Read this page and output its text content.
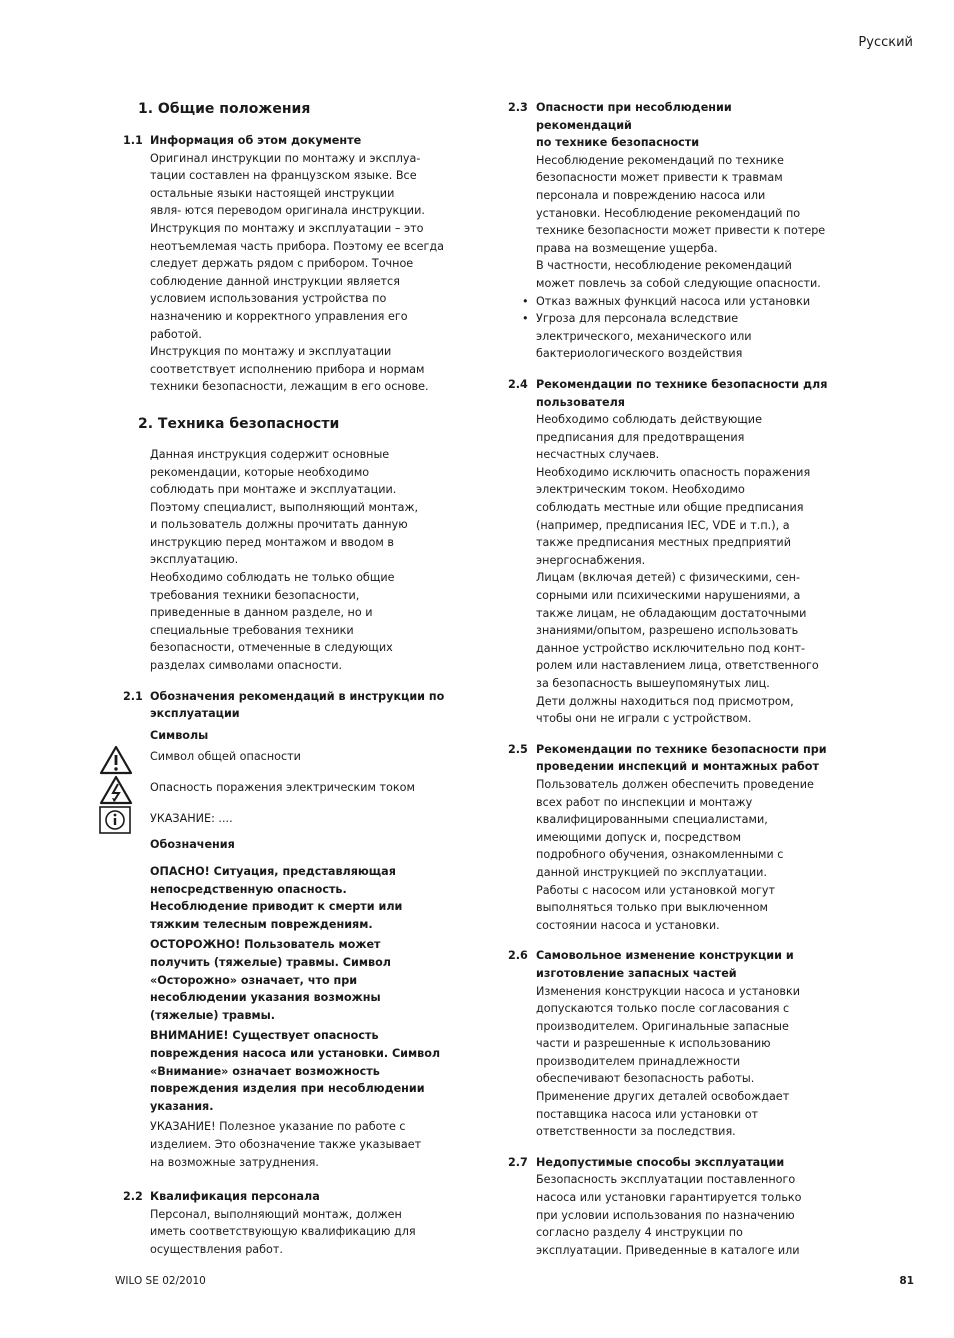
Русский
1. Общие положения
1.1 Информация об этом документе
Оригинал инструкции по монтажу и эксплуа-
тации составлен на французском языке. Все
остальные языки настоящей инструкции
явля- ются переводом оригинала инструкции.
Инструкция по монтажу и эксплуатации – это
неотъемлемая часть прибора. Поэтому ее всегда
следует держать рядом с прибором. Точное
соблюдение данной инструкции является
условием использования устройства по
назначению и корректного управления его работой.
Инструкция по монтажу и эксплуатации
соответствует исполнению прибора и нормам
техники безопасности, лежащим в его основе.
2. Техника безопасности
Данная инструкция содержит основные
рекомендации, которые необходимо
соблюдать при монтаже и эксплуатации.
Поэтому специалист, выполняющий монтаж,
и пользователь должны прочитать данную
инструкцию перед монтажом и вводом в
эксплуатацию.
Необходимо соблюдать не только общие
требования техники безопасности,
приведенные в данном разделе, но и
специальные требования техники
безопасности, отмеченные в следующих
разделах символами опасности.
2.1 Обозначения рекомендаций в инструкции по
эксплуатации
Символы
Символ общей опасности
Опасность поражения электрическим током
УКАЗАНИЕ: ....
Обозначения
ОПАСНО! Ситуация, представляющая
непосредственную опасность.
Несоблюдение приводит к смерти или
тяжким телесным повреждениям.
ОСТОРОЖНО! Пользователь может
получить (тяжелые) травмы. Символ
«Осторожно» означает, что при
несоблюдении указания возможны
(тяжелые) травмы.
ВНИМАНИЕ! Существует опасность
повреждения насоса или установки. Символ
«Внимание» означает возможность
повреждения изделия при несоблюдении
указания.
УКАЗАНИЕ! Полезное указание по работе с
изделием. Это обозначение также указывает
на возможные затруднения.
2.2 Квалификация персонала
Персонал, выполняющий монтаж, должен
иметь соответствующую квалификацию для
осуществления работ.
2.3 Опасности при несоблюдении рекомендаций
по технике безопасности
Несоблюдение рекомендаций по технике
безопасности может привести к травмам
персонала и повреждению насоса или
установки. Несоблюдение рекомендаций по
технике безопасности может привести к потере
права на возмещение ущерба.
В частности, несоблюдение рекомендаций
может повлечь за собой следующие опасности.
• Отказ важных функций насоса или установки
• Угроза для персонала вследствие
электрического, механического или
бактериологического воздействия
2.4 Рекомендации по технике безопасности для
пользователя
Необходимо соблюдать действующие
предписания для предотвращения
несчастных случаев.
Необходимо исключить опасность поражения
электрическим током. Необходимо
соблюдать местные или общие предписания
(например, предписания IEC, VDE и т.п.), а
также предписания местных предприятий
энергоснабжения.
Лицам (включая детей) с физическими, сен-
сорными или психическими нарушениями, а
также лицам, не обладающим достаточными
знаниями/опытом, разрешено использовать
данное устройство исключительно под конт-
ролем или наставлением лица, ответственного
за безопасность вышеупомянутых лиц.
Дети должны находиться под присмотром,
чтобы они не играли с устройством.
2.5 Рекомендации по технике безопасности при
проведении инспекций и монтажных работ
Пользователь должен обеспечить проведение
всех работ по инспекции и монтажу
квалифицированными специалистами,
имеющими допуск и, посредством
подробного обучения, ознакомленными с
данной инструкцией по эксплуатации.
Работы с насосом или установкой могут
выполняться только при выключенном
состоянии насоса и установки.
2.6 Самовольное изменение конструкции и
изготовление запасных частей
Изменения конструкции насоса и установки
допускаются только после согласования с
производителем. Оригинальные запасные
части и разрешенные к использованию
производителем принадлежности
обеспечивают безопасность работы.
Применение других деталей освобождает
поставщика насоса или установки от
ответственности за последствия.
2.7 Недопустимые способы эксплуатации
Безопасность эксплуатации поставленного
насоса или установки гарантируется только
при условии использования по назначению
согласно разделу 4 инструкции по
эксплуатации. Приведенные в каталоге или
WILO SE 02/2010	81
